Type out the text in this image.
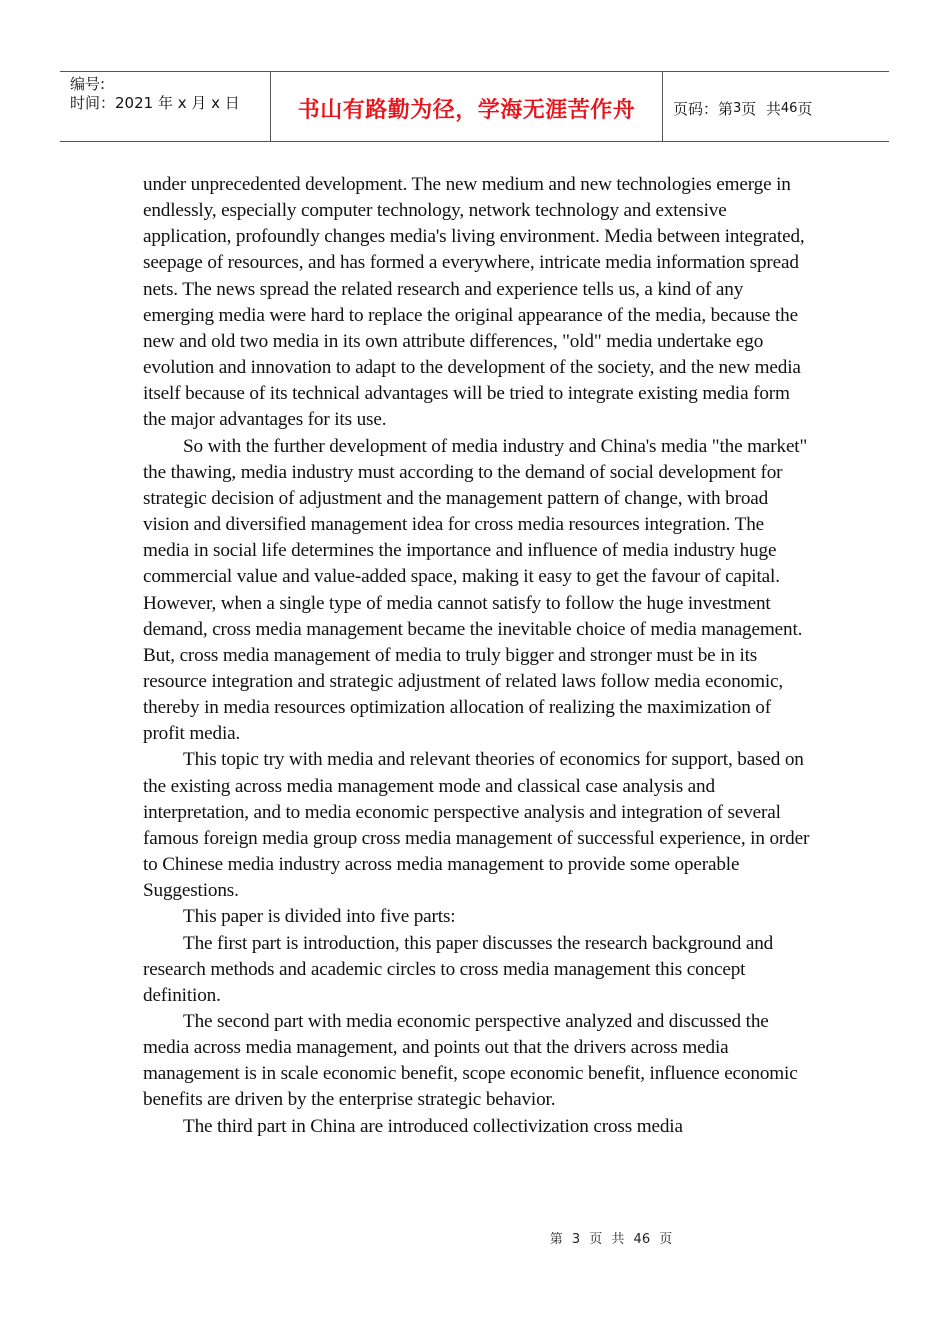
编号:
时间：2021 年 x 月 x 日	书山有路勤为径，学海无涯苦作舟	页码：第 3 页  共 46 页

under unprecedented development. The new medium and new technologies emerge in endlessly, especially computer technology, network technology and extensive application, profoundly changes media's living environment. Media between integrated, seepage of resources, and has formed a everywhere, intricate media information spread nets. The news spread the related research and experience tells us, a kind of any emerging media were hard to replace the original appearance of the media, because the new and old two media in its own attribute differences, "old" media undertake ego evolution and innovation to adapt to the development of the society, and the new media itself because of its technical advantages will be tried to integrate existing media form the major advantages for its use.

So with the further development of media industry and China's media "the market" the thawing, media industry must according to the demand of social development for strategic decision of adjustment and the management pattern of change, with broad vision and diversified management idea for cross media resources integration. The media in social life determines the importance and influence of media industry huge commercial value and value-added space, making it easy to get the favour of capital. However, when a single type of media cannot satisfy to follow the huge investment demand, cross media management became the inevitable choice of media management. But, cross media management of media to truly bigger and stronger must be in its resource integration and strategic adjustment of related laws follow media economic, thereby in media resources optimization allocation of realizing the maximization of profit media.

This topic try with media and relevant theories of economics for support, based on the existing across media management mode and classical case analysis and interpretation, and to media economic perspective analysis and integration of several famous foreign media group cross media management of successful experience, in order to Chinese media industry across media management to provide some operable Suggestions.

This paper is divided into five parts:

The first part is introduction, this paper discusses the research background and research methods and academic circles to cross media management this concept definition.

The second part with media economic perspective analyzed and discussed the media across media management, and points out that the drivers across media management is in scale economic benefit, scope economic benefit, influence economic benefits are driven by the enterprise strategic behavior.

The third part in China are introduced collectivization cross media

第 3 页 共 46 页
